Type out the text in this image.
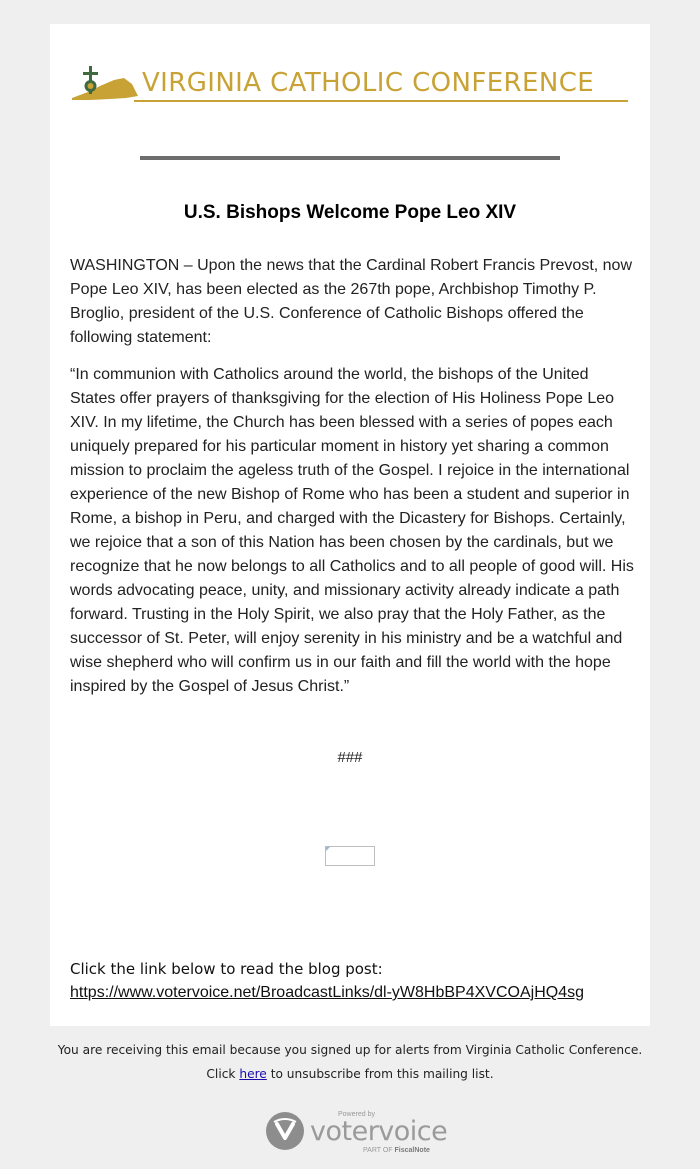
VIRGINIA CATHOLIC CONFERENCE
U.S. Bishops Welcome Pope Leo XIV

WASHINGTON – Upon the news that the Cardinal Robert Francis Prevost, now Pope Leo XIV, has been elected as the 267th pope, Archbishop Timothy P. Broglio, president of the U.S. Conference of Catholic Bishops offered the following statement:

“In communion with Catholics around the world, the bishops of the United States offer prayers of thanksgiving for the election of His Holiness Pope Leo XIV. In my lifetime, the Church has been blessed with a series of popes each uniquely prepared for his particular moment in history yet sharing a common mission to proclaim the ageless truth of the Gospel. I rejoice in the international experience of the new Bishop of Rome who has been a student and superior in Rome, a bishop in Peru, and charged with the Dicastery for Bishops. Certainly, we rejoice that a son of this Nation has been chosen by the cardinals, but we recognize that he now belongs to all Catholics and to all people of good will. His words advocating peace, unity, and missionary activity already indicate a path forward. Trusting in the Holy Spirit, we also pray that the Holy Father, as the successor of St. Peter, will enjoy serenity in his ministry and be a watchful and wise shepherd who will confirm us in our faith and fill the world with the hope inspired by the Gospel of Jesus Christ.”

###
Click the link below to read the blog post:
https://www.votervoice.net/BroadcastLinks/dl-yW8HbBP4XVCOAjHQ4sg
You are receiving this email because you signed up for alerts from Virginia Catholic Conference.
Click here to unsubscribe from this mailing list.
Powered by
votervoice
PART OF FiscalNote
